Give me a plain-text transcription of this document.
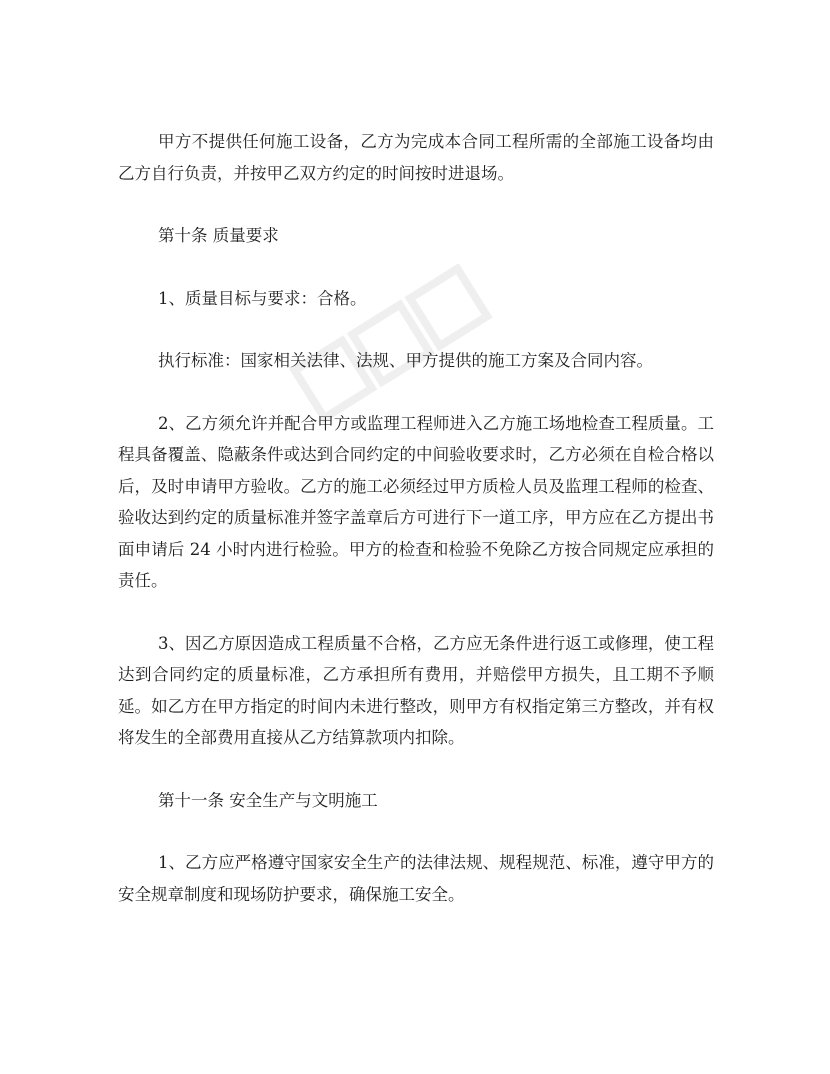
甲方不提供任何施工设备，乙方为完成本合同工程所需的全部施工设备均由乙方自行负责，并按甲乙双方约定的时间按时进退场。

第十条 质量要求

1、质量目标与要求：合格。

执行标准：国家相关法律、法规、甲方提供的施工方案及合同内容。

2、乙方须允许并配合甲方或监理工程师进入乙方施工场地检查工程质量。工程具备覆盖、隐蔽条件或达到合同约定的中间验收要求时，乙方必须在自检合格以后，及时申请甲方验收。乙方的施工必须经过甲方质检人员及监理工程师的检查、验收达到约定的质量标准并签字盖章后方可进行下一道工序，甲方应在乙方提出书面申请后 24 小时内进行检验。甲方的检查和检验不免除乙方按合同规定应承担的责任。

3、因乙方原因造成工程质量不合格，乙方应无条件进行返工或修理，使工程达到合同约定的质量标准，乙方承担所有费用，并赔偿甲方损失，且工期不予顺延。如乙方在甲方指定的时间内未进行整改，则甲方有权指定第三方整改，并有权将发生的全部费用直接从乙方结算款项内扣除。

第十一条 安全生产与文明施工

1、乙方应严格遵守国家安全生产的法律法规、规程规范、标准，遵守甲方的安全规章制度和现场防护要求，确保施工安全。
